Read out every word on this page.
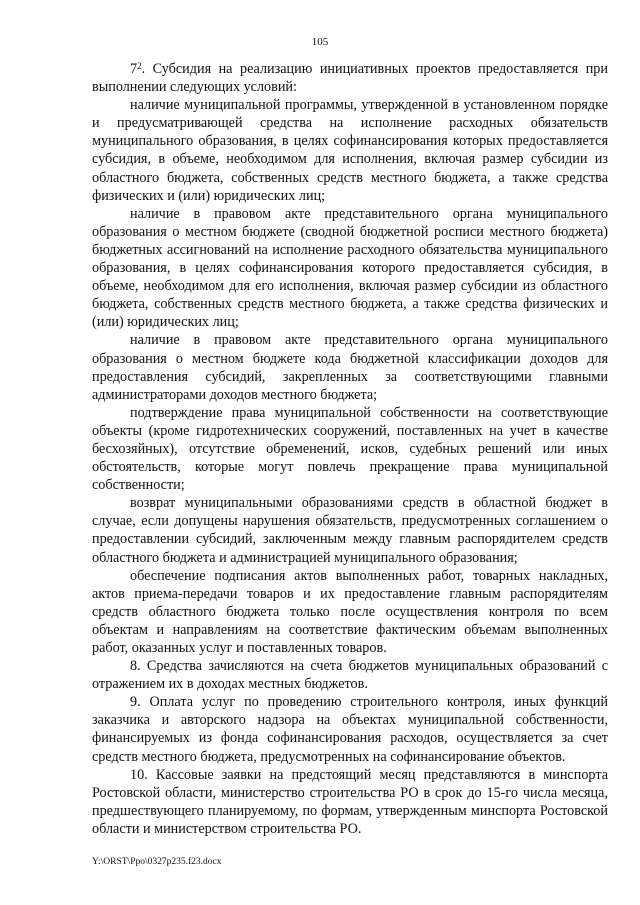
105

$7^2$. Субсидия на реализацию инициативных проектов предоставляется при выполнении следующих условий:

наличие муниципальной программы, утвержденной в установленном порядке и предусматривающей средства на исполнение расходных обязательств муниципального образования, в целях софинансирования которых предоставляется субсидия, в объеме, необходимом для исполнения, включая размер субсидии из областного бюджета, собственных средств местного бюджета, а также средства физических и (или) юридических лиц;

наличие в правовом акте представительного органа муниципального образования о местном бюджете (сводной бюджетной росписи местного бюджета) бюджетных ассигнований на исполнение расходного обязательства муниципального образования, в целях софинансирования которого предоставляется субсидия, в объеме, необходимом для его исполнения, включая размер субсидии из областного бюджета, собственных средств местного бюджета, а также средства физических и (или) юридических лиц;

наличие в правовом акте представительного органа муниципального образования о местном бюджете кода бюджетной классификации доходов для предоставления субсидий, закрепленных за соответствующими главными администраторами доходов местного бюджета;

подтверждение права муниципальной собственности на соответствующие объекты (кроме гидротехнических сооружений, поставленных на учет в качестве бесхозяйных), отсутствие обременений, исков, судебных решений или иных обстоятельств, которые могут повлечь прекращение права муниципальной собственности;

возврат муниципальными образованиями средств в областной бюджет в случае, если допущены нарушения обязательств, предусмотренных соглашением о предоставлении субсидий, заключенным между главным распорядителем средств областного бюджета и администрацией муниципального образования;

обеспечение подписания актов выполненных работ, товарных накладных, актов приема-передачи товаров и их предоставление главным распорядителям средств областного бюджета только после осуществления контроля по всем объектам и направлениям на соответствие фактическим объемам выполненных работ, оказанных услуг и поставленных товаров.

8. Средства зачисляются на счета бюджетов муниципальных образований с отражением их в доходах местных бюджетов.

9. Оплата услуг по проведению строительного контроля, иных функций заказчика и авторского надзора на объектах муниципальной собственности, финансируемых из фонда софинансирования расходов, осуществляется за счет средств местного бюджета, предусмотренных на софинансирование объектов.

10. Кассовые заявки на предстоящий месяц представляются в минспорта Ростовской области, министерство строительства РО в срок до 15-го числа месяца, предшествующего планируемому, по формам, утвержденным минспорта Ростовской области и министерством строительства РО.

Y:\ORST\Ppo\0327p235.f23.docx
